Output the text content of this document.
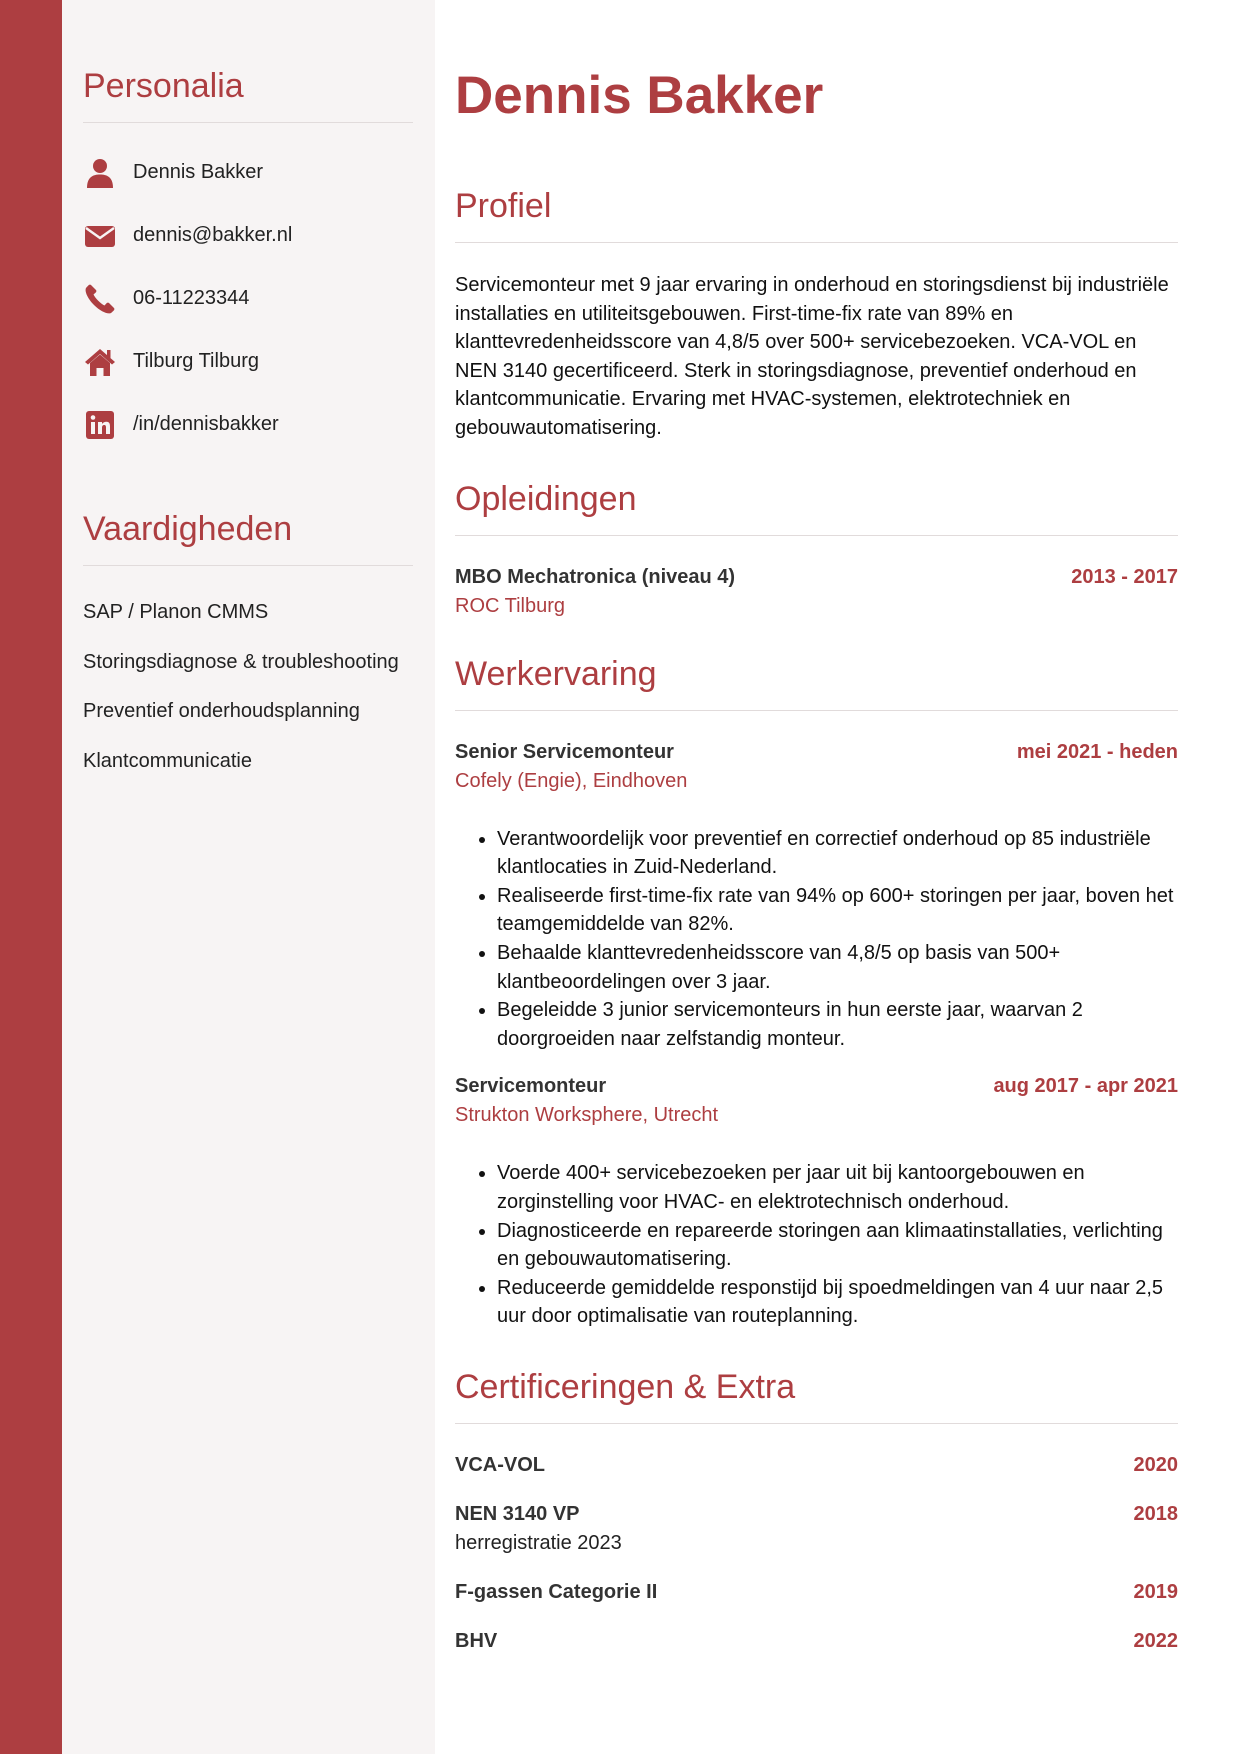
Personalia
Dennis Bakker
dennis@bakker.nl
06-11223344
Tilburg Tilburg
/in/dennisbakker
Vaardigheden
SAP / Planon CMMS
Storingsdiagnose & troubleshooting
Preventief onderhoudsplanning
Klantcommunicatie
Dennis Bakker
Profiel

Servicemonteur met 9 jaar ervaring in onderhoud en storingsdienst bij industriële installaties en utiliteitsgebouwen. First-time-fix rate van 89% en klanttevredenheidsscore van 4,8/5 over 500+ servicebezoeken. VCA-VOL en NEN 3140 gecertificeerd. Sterk in storingsdiagnose, preventief onderhoud en klantcommunicatie. Ervaring met HVAC-systemen, elektrotechniek en gebouwautomatisering.

Opleidingen
MBO Mechatronica (niveau 4)	2013 - 2017
ROC Tilburg
Werkervaring
Senior Servicemonteur	mei 2021 - heden
Cofely (Engie), Eindhoven
• Verantwoordelijk voor preventief en correctief onderhoud op 85 industriële klantlocaties in Zuid-Nederland.
• Realiseerde first-time-fix rate van 94% op 600+ storingen per jaar, boven het teamgemiddelde van 82%.
• Behaalde klanttevredenheidsscore van 4,8/5 op basis van 500+ klantbeoordelingen over 3 jaar.
• Begeleidde 3 junior servicemonteurs in hun eerste jaar, waarvan 2 doorgroeiden naar zelfstandig monteur.
Servicemonteur	aug 2017 - apr 2021
Strukton Worksphere, Utrecht
• Voerde 400+ servicebezoeken per jaar uit bij kantoorgebouwen en zorginstelling voor HVAC- en elektrotechnisch onderhoud.
• Diagnosticeerde en repareerde storingen aan klimaatinstallaties, verlichting en gebouwautomatisering.
• Reduceerde gemiddelde responstijd bij spoedmeldingen van 4 uur naar 2,5 uur door optimalisatie van routeplanning.
Certificeringen & Extra
VCA-VOL	2020
NEN 3140 VP	2018
herregistratie 2023
F-gassen Categorie II	2019
BHV	2022
